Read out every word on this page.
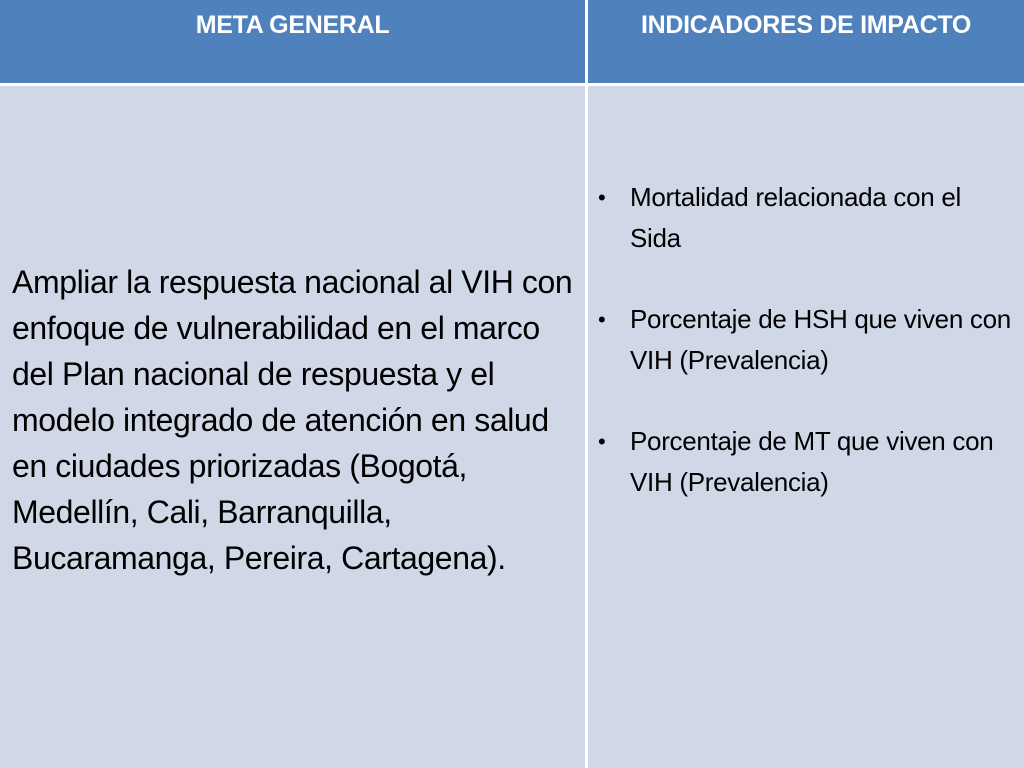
META GENERAL	INDICADORES DE IMPACTO
Ampliar la respuesta nacional al VIH con enfoque de vulnerabilidad en el marco del Plan nacional de respuesta y el modelo integrado de atención en salud en ciudades priorizadas (Bogotá, Medellín, Cali, Barranquilla, Bucaramanga, Pereira, Cartagena).
• Mortalidad relacionada con el Sida
• Porcentaje de HSH que viven con VIH (Prevalencia)
• Porcentaje de MT que viven con VIH (Prevalencia)
